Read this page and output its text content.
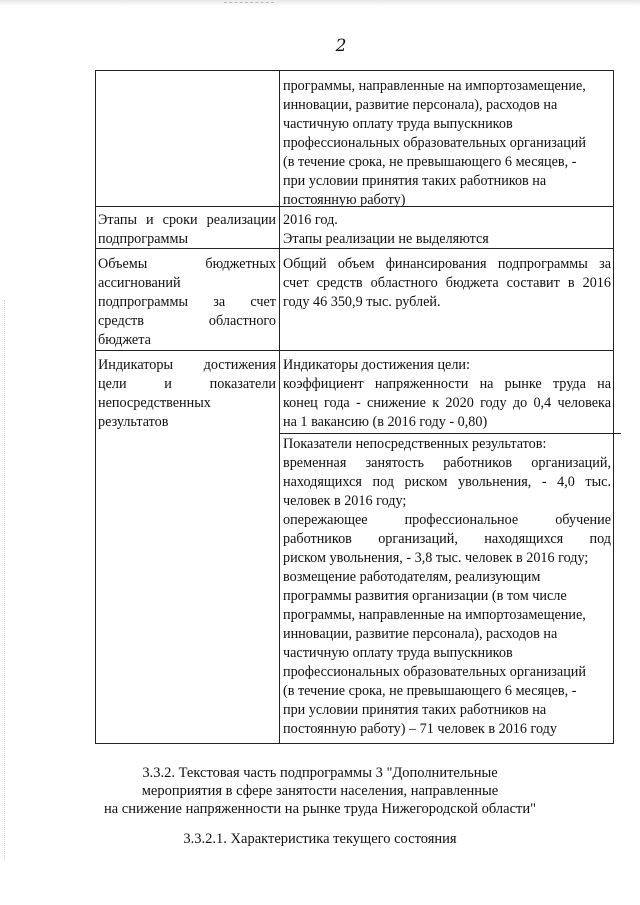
2
программы, направленные на импортозамещение,
инновации, развитие персонала), расходов на
частичную оплату труда выпускников
профессиональных образовательных организаций
(в течение срока, не превышающего 6 месяцев, -
при условии принятия таких работников на
постоянную работу)
Этапы и сроки реализации
подпрограммы
2016 год.
Этапы реализации не выделяются
Объемы бюджетных
ассигнований
подпрограммы за счет
средств областного
бюджета
Общий объем финансирования подпрограммы за
счет средств областного бюджета составит в 2016
году 46 350,9 тыс. рублей.
Индикаторы достижения
цели и показатели
непосредственных
результатов
Индикаторы достижения цели:
коэффициент напряженности на рынке труда на
конец года - снижение к 2020 году до 0,4 человека
на 1 вакансию (в 2016 году - 0,80)
Показатели непосредственных результатов:
временная занятость работников организаций,
находящихся под риском увольнения, - 4,0 тыс.
человек в 2016 году;
опережающее профессиональное обучение
работников организаций, находящихся под
риском увольнения, - 3,8 тыс. человек в 2016 году;
возмещение работодателям, реализующим
программы развития организации (в том числе
программы, направленные на импортозамещение,
инновации, развитие персонала), расходов на
частичную оплату труда выпускников
профессиональных образовательных организаций
(в течение срока, не превышающего 6 месяцев, -
при условии принятия таких работников на
постоянную работу) – 71 человек в 2016 году
3.3.2. Текстовая часть подпрограммы 3 "Дополнительные
мероприятия в сфере занятости населения, направленные
на снижение напряженности на рынке труда Нижегородской области"
3.3.2.1. Характеристика текущего состояния
